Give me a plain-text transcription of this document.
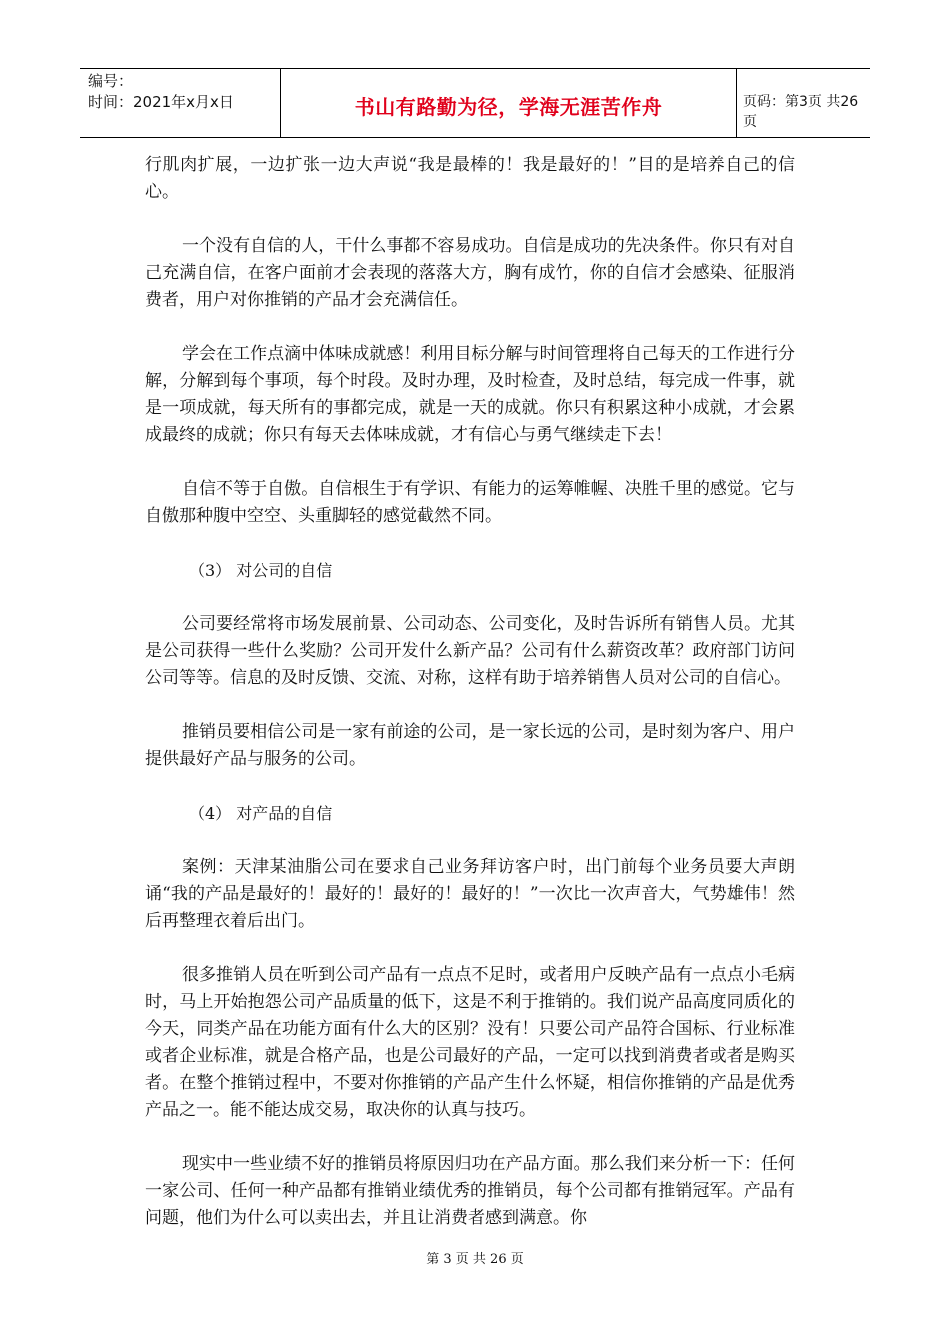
编号：
时间：2021年x月x日	书山有路勤为径，学海无涯苦作舟	页码：第3页 共26页

行肌肉扩展，一边扩张一边大声说“我是最棒的！我是最好的！”目的是培养自己的信心。

一个没有自信的人，干什么事都不容易成功。自信是成功的先决条件。你只有对自己充满自信，在客户面前才会表现的落落大方，胸有成竹，你的自信才会感染、征服消费者，用户对你推销的产品才会充满信任。

学会在工作点滴中体味成就感！利用目标分解与时间管理将自己每天的工作进行分解，分解到每个事项，每个时段。及时办理，及时检查，及时总结，每完成一件事，就是一项成就，每天所有的事都完成，就是一天的成就。你只有积累这种小成就，才会累成最终的成就；你只有每天去体味成就，才有信心与勇气继续走下去！

自信不等于自傲。自信根生于有学识、有能力的运筹帷幄、决胜千里的感觉。它与自傲那种腹中空空、头重脚轻的感觉截然不同。

（3） 对公司的自信

公司要经常将市场发展前景、公司动态、公司变化，及时告诉所有销售人员。尤其是公司获得一些什么奖励？公司开发什么新产品？公司有什么薪资改革？政府部门访问公司等等。信息的及时反馈、交流、对称，这样有助于培养销售人员对公司的自信心。

推销员要相信公司是一家有前途的公司，是一家长远的公司，是时刻为客户、用户提供最好产品与服务的公司。

（4） 对产品的自信

案例：天津某油脂公司在要求自己业务拜访客户时，出门前每个业务员要大声朗诵“我的产品是最好的！最好的！最好的！最好的！”一次比一次声音大，气势雄伟！然后再整理衣着后出门。

很多推销人员在听到公司产品有一点点不足时，或者用户反映产品有一点点小毛病时，马上开始抱怨公司产品质量的低下，这是不利于推销的。我们说产品高度同质化的今天，同类产品在功能方面有什么大的区别？没有！只要公司产品符合国标、行业标准或者企业标准，就是合格产品，也是公司最好的产品，一定可以找到消费者或者是购买者。在整个推销过程中，不要对你推销的产品产生什么怀疑，相信你推销的产品是优秀产品之一。能不能达成交易，取决你的认真与技巧。

现实中一些业绩不好的推销员将原因归功在产品方面。那么我们来分析一下：任何一家公司、任何一种产品都有推销业绩优秀的推销员，每个公司都有推销冠军。产品有问题，他们为什么可以卖出去，并且让消费者感到满意。你

第 3 页 共 26 页
